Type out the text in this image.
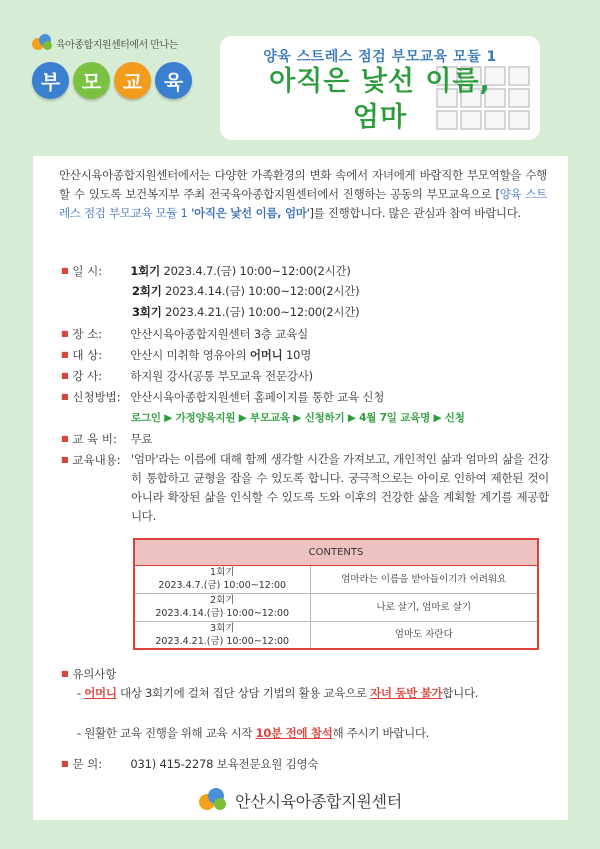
육아종합지원센터에서 만나는
부	모	교	육
양육 스트레스 점검 부모교육 모듈 1
아직은 낯선 이름,
엄마
안산시육아종합지원센터에서는 다양한 가족환경의 변화 속에서 자녀에게 바람직한 부모역할을 수행할 수 있도록 보건복지부 주최 전국육아종합지원센터에서 진행하는 공동의 부모교육으로 [양육 스트레스 점검 부모교육 모듈 1 '아직은 낯선 이름, 엄마']를 진행합니다. 많은 관심과 참여 바랍니다.
■ 일 시: 1회기 2023.4.7.(금) 10:00~12:00(2시간)
2회기 2023.4.14.(금) 10:00~12:00(2시간)
3회기 2023.4.21.(금) 10:00~12:00(2시간)
■ 장 소: 안산시육아종합지원센터 3층 교육실
■ 대 상: 안산시 미취학 영유아의 어머니 10명
■ 강 사: 하지원 강사(공통 부모교육 전문강사)
■ 신청방법: 안산시육아종합지원센터 홈페이지를 통한 교육 신청
로그인 ▶ 가정양육지원 ▶ 부모교육 ▶ 신청하기 ▶ 4월 7일 교육명 ▶ 신청
■ 교 육 비: 무료
■ 교육내용: '엄마'라는 이름에 대해 함께 생각할 시간을 가져보고, 개인적인 삶과 엄마의 삶을 건강히 통합하고 균형을 잡을 수 있도록 합니다. 궁극적으로는 아이로 인하여 제한된 것이 아니라 확장된 삶을 인식할 수 있도록 도와 이후의 건강한 삶을 계획할 계기를 제공합니다.
CONTENTS	

1회기
2023.4.7.(금) 10:00~12:00	엄마라는 이름을 받아들이기가 어려워요

2회기
2023.4.14.(금) 10:00~12:00	나로 살기, 엄마로 살기

3회기
2023.4.21.(금) 10:00~12:00	엄마도 자란다
■ 유의사항
- 어머니 대상 3회기에 걸쳐 집단 상담 기법의 활용 교육으로 자녀 동반 불가합니다.
- 원활한 교육 진행을 위해 교육 시작 10분 전에 참석해 주시기 바랍니다.
■ 문 의: 031) 415-2278 보육전문요원 김영숙
안산시육아종합지원센터
